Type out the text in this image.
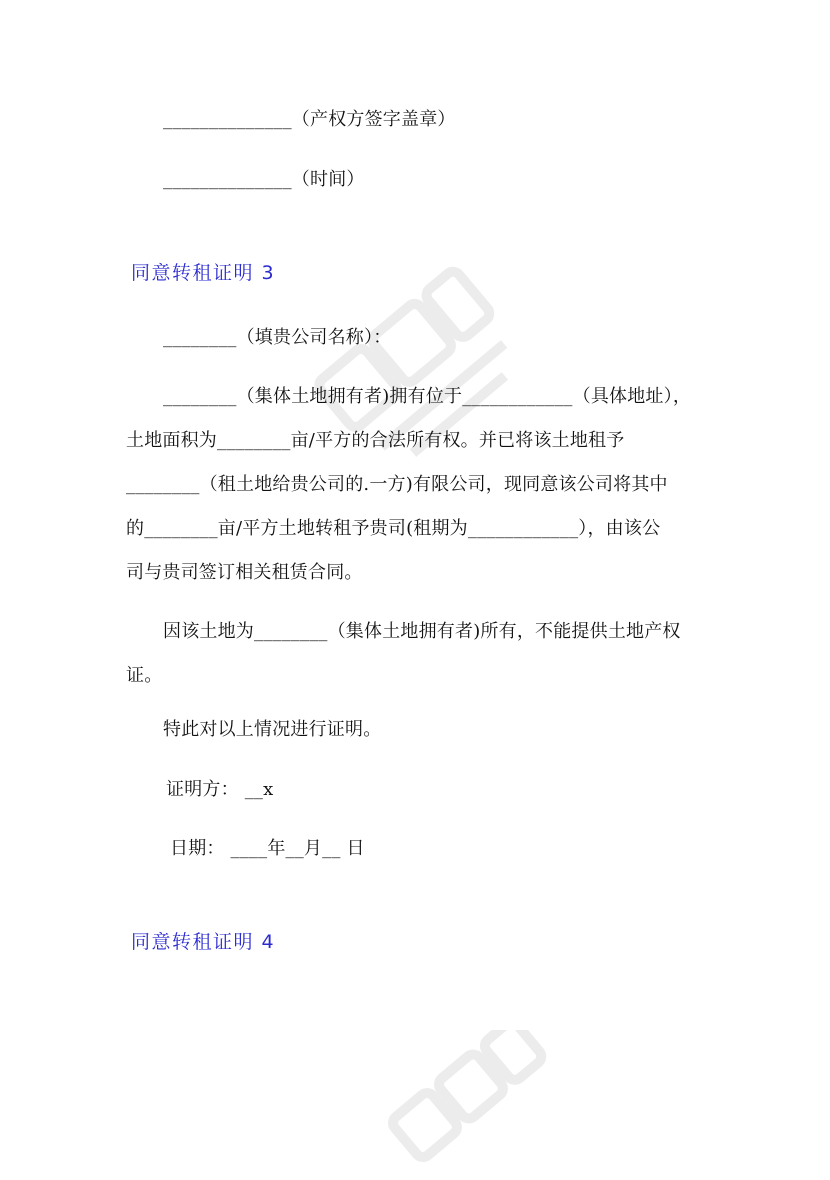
______________（产权方签字盖章）
______________（时间）
同意转租证明 3
________（填贵公司名称）：
________（集体土地拥有者)拥有位于____________（具体地址），
土地面积为________亩/平方的合法所有权。并已将该土地租予
________（租土地给贵公司的.一方)有限公司，现同意该公司将其中
的________亩/平方土地转租予贵司(租期为____________），由该公
司与贵司签订相关租赁合同。
因该土地为________（集体土地拥有者)所有，不能提供土地产权
证。
特此对以上情况进行证明。
证明方： __x
日期： ____年__月__ 日
同意转租证明 4
